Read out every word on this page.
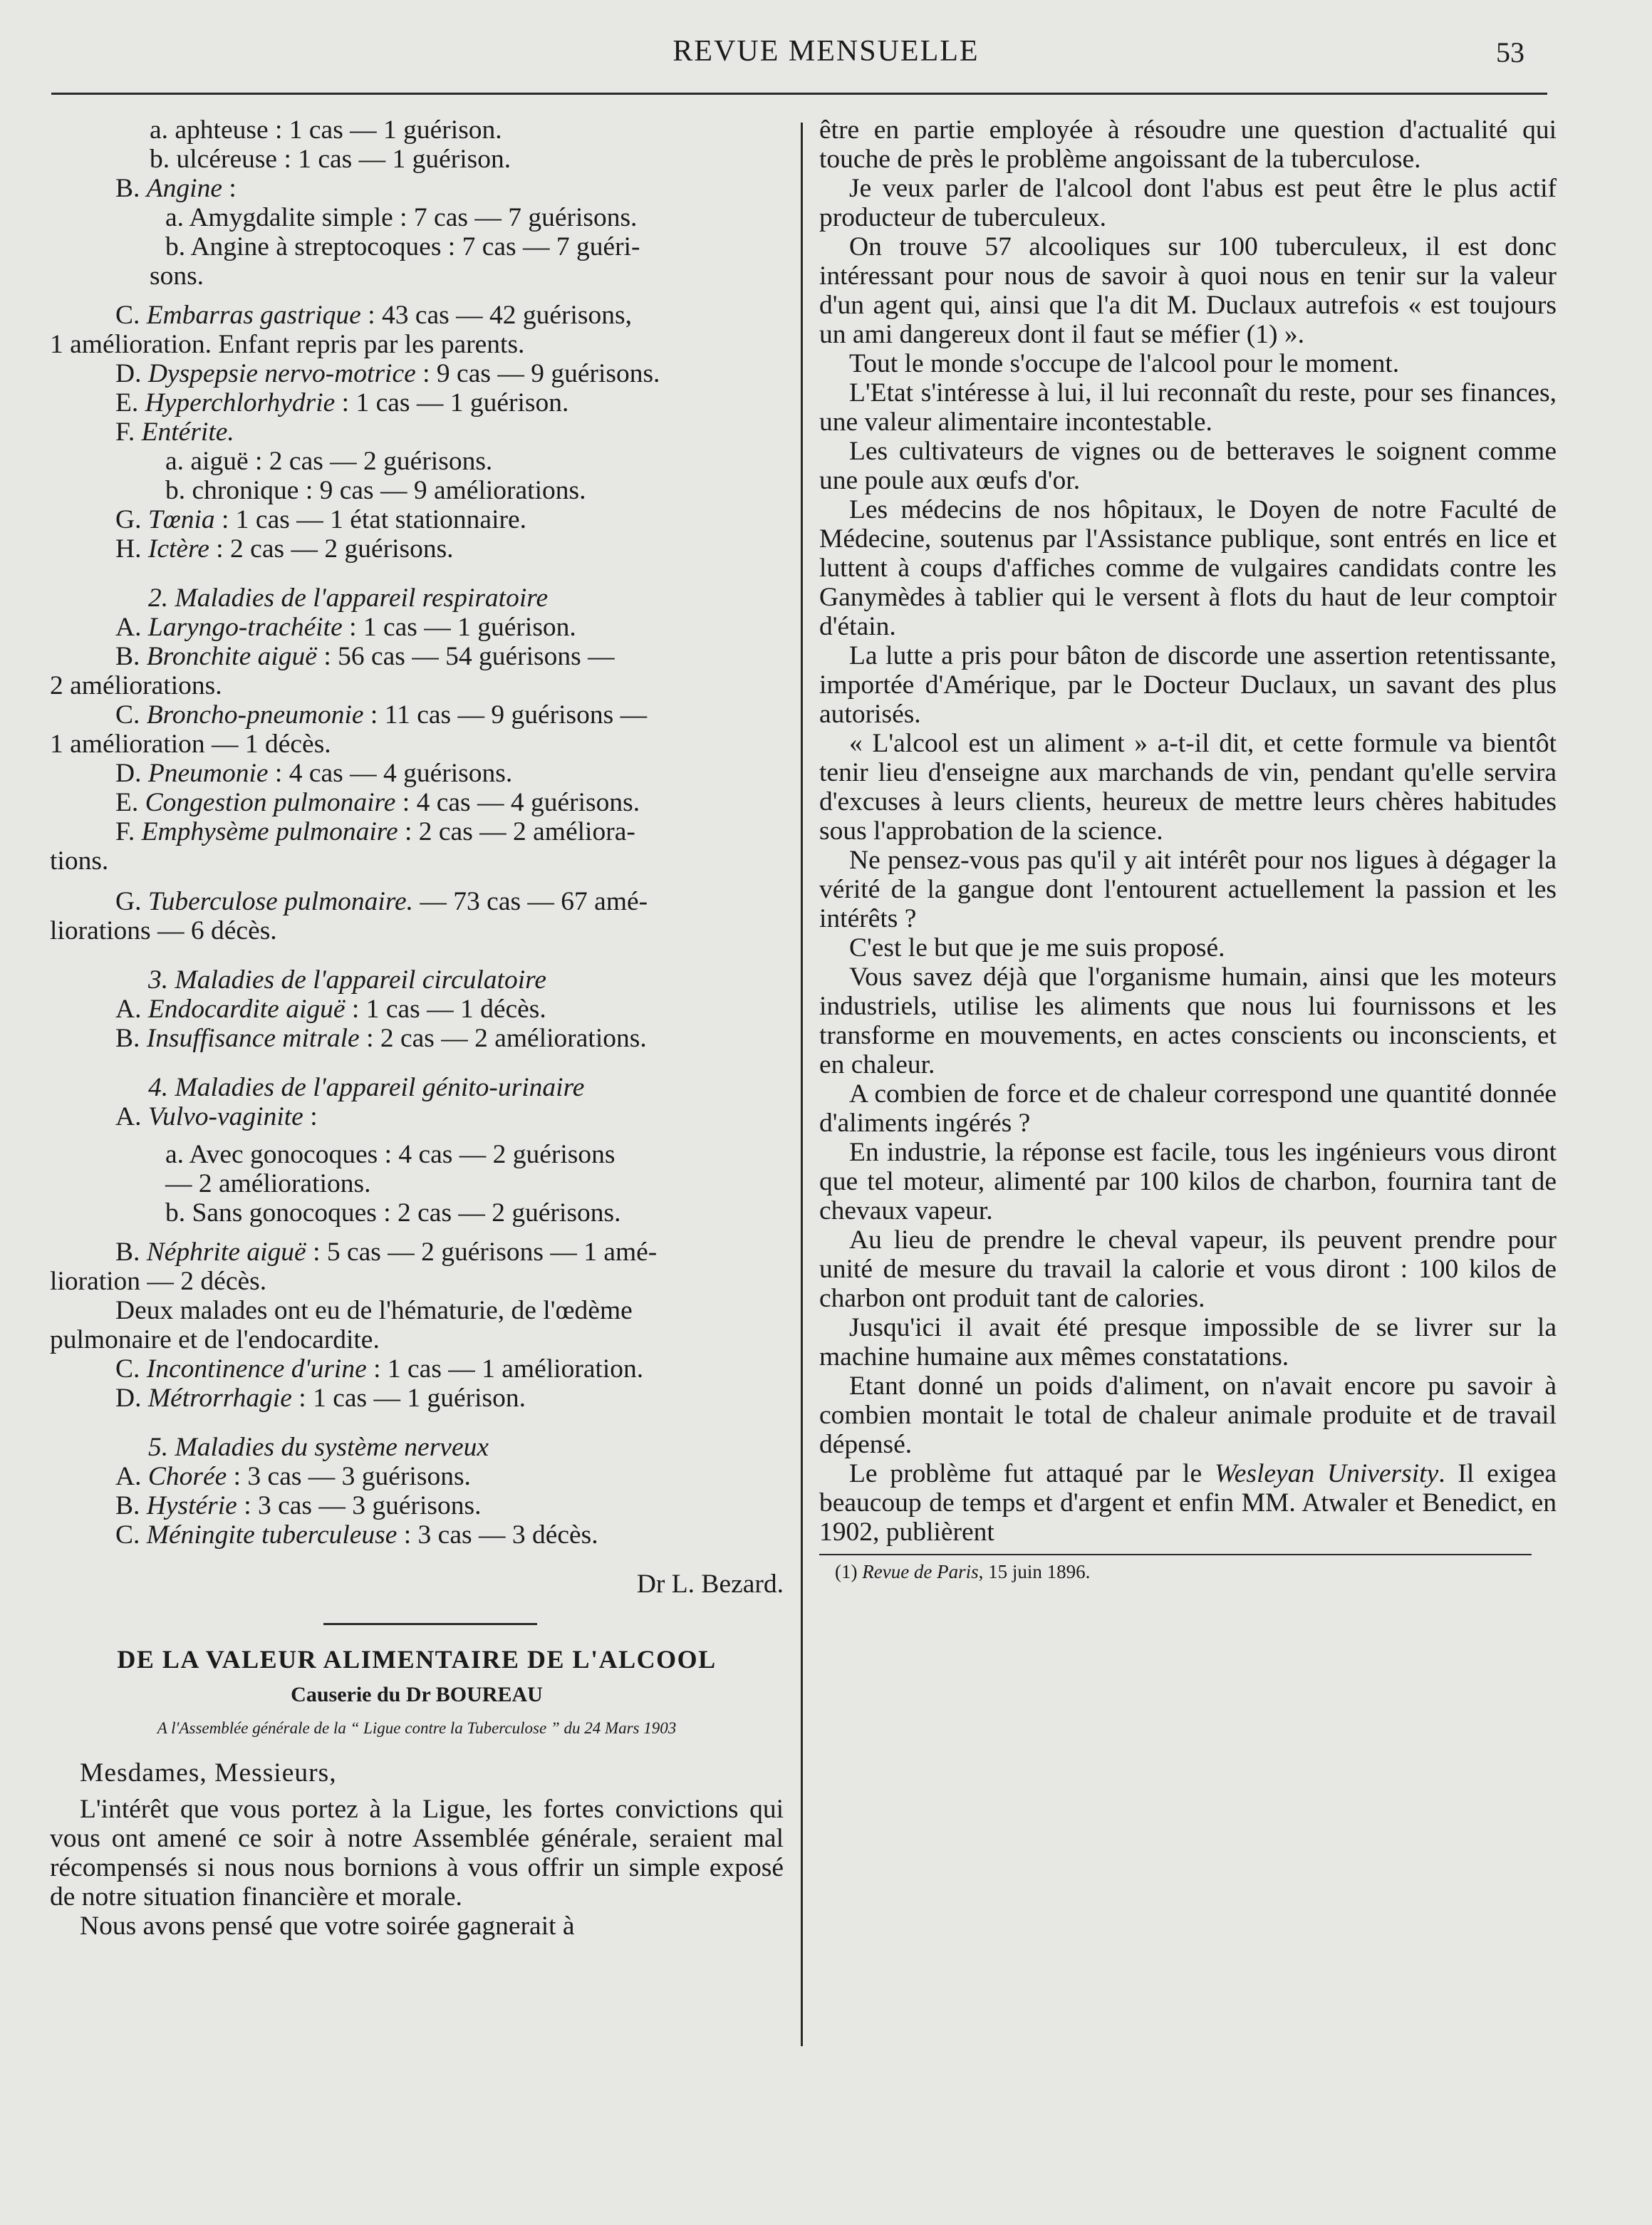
REVUE MENSUELLE	53

a. aphteuse : 1 cas — 1 guérison.

b. ulcéreuse : 1 cas — 1 guérison.

B. Angine :

a. Amygdalite simple : 7 cas — 7 guérisons.

b. Angine à streptocoques : 7 cas — 7 guéri-

sons.

C. Embarras gastrique : 43 cas — 42 guérisons,

1 amélioration. Enfant repris par les parents.

D. Dyspepsie nervo-motrice : 9 cas — 9 guérisons.

E. Hyperchlorhydrie : 1 cas — 1 guérison.

F. Entérite.

a. aiguë : 2 cas — 2 guérisons.

b. chronique : 9 cas — 9 améliorations.

G. Tœnia : 1 cas — 1 état stationnaire.

H. Ictère : 2 cas — 2 guérisons.

2. Maladies de l'appareil respiratoire

A. Laryngo-trachéite : 1 cas — 1 guérison.

B. Bronchite aiguë : 56 cas — 54 guérisons —

2 améliorations.

C. Broncho-pneumonie : 11 cas — 9 guérisons —

1 amélioration — 1 décès.

D. Pneumonie : 4 cas — 4 guérisons.

E. Congestion pulmonaire : 4 cas — 4 guérisons.

F. Emphysème pulmonaire : 2 cas — 2 améliora-

tions.

G. Tuberculose pulmonaire. — 73 cas — 67 amé-

liorations — 6 décès.

3. Maladies de l'appareil circulatoire

A. Endocardite aiguë : 1 cas — 1 décès.

B. Insuffisance mitrale : 2 cas — 2 améliorations.

4. Maladies de l'appareil génito-urinaire

A. Vulvo-vaginite :

a. Avec gonocoques : 4 cas — 2 guérisons

— 2 améliorations.

b. Sans gonocoques : 2 cas — 2 guérisons.

B. Néphrite aiguë : 5 cas — 2 guérisons — 1 amé-

lioration — 2 décès.

Deux malades ont eu de l'hématurie, de l'œdème

pulmonaire et de l'endocardite.

C. Incontinence d'urine : 1 cas — 1 amélioration.

D. Métrorrhagie : 1 cas — 1 guérison.

5. Maladies du système nerveux

A. Chorée : 3 cas — 3 guérisons.

B. Hystérie : 3 cas — 3 guérisons.

C. Méningite tuberculeuse : 3 cas — 3 décès.

Dr L. Bezard.

DE LA VALEUR ALIMENTAIRE DE L'ALCOOL

Causerie du Dr BOUREAU

A l'Assemblée générale de la “ Ligue contre la Tuberculose ” du 24 Mars 1903

Mesdames, Messieurs,

L'intérêt que vous portez à la Ligue, les fortes convictions qui vous ont amené ce soir à notre Assemblée générale, seraient mal récompensés si nous nous bornions à vous offrir un simple exposé de notre situation financière et morale.

Nous avons pensé que votre soirée gagnerait à

être en partie employée à résoudre une question d'actualité qui touche de près le problème angoissant de la tuberculose.

Je veux parler de l'alcool dont l'abus est peut être le plus actif producteur de tuberculeux.

On trouve 57 alcooliques sur 100 tuberculeux, il est donc intéressant pour nous de savoir à quoi nous en tenir sur la valeur d'un agent qui, ainsi que l'a dit M. Duclaux autrefois « est toujours un ami dangereux dont il faut se méfier (1) ».

Tout le monde s'occupe de l'alcool pour le moment.

L'Etat s'intéresse à lui, il lui reconnaît du reste, pour ses finances, une valeur alimentaire incontestable.

Les cultivateurs de vignes ou de betteraves le soignent comme une poule aux œufs d'or.

Les médecins de nos hôpitaux, le Doyen de notre Faculté de Médecine, soutenus par l'Assistance publique, sont entrés en lice et luttent à coups d'affiches comme de vulgaires candidats contre les Ganymèdes à tablier qui le versent à flots du haut de leur comptoir d'étain.

La lutte a pris pour bâton de discorde une assertion retentissante, importée d'Amérique, par le Docteur Duclaux, un savant des plus autorisés.

« L'alcool est un aliment » a-t-il dit, et cette formule va bientôt tenir lieu d'enseigne aux marchands de vin, pendant qu'elle servira d'excuses à leurs clients, heureux de mettre leurs chères habitudes sous l'approbation de la science.

Ne pensez-vous pas qu'il y ait intérêt pour nos ligues à dégager la vérité de la gangue dont l'entourent actuellement la passion et les intérêts ?

C'est le but que je me suis proposé.

Vous savez déjà que l'organisme humain, ainsi que les moteurs industriels, utilise les aliments que nous lui fournissons et les transforme en mouvements, en actes conscients ou inconscients, et en chaleur.

A combien de force et de chaleur correspond une quantité donnée d'aliments ingérés ?

En industrie, la réponse est facile, tous les ingénieurs vous diront que tel moteur, alimenté par 100 kilos de charbon, fournira tant de chevaux vapeur.

Au lieu de prendre le cheval vapeur, ils peuvent prendre pour unité de mesure du travail la calorie et vous diront : 100 kilos de charbon ont produit tant de calories.

Jusqu'ici il avait été presque impossible de se livrer sur la machine humaine aux mêmes constatations.

Etant donné un poids d'aliment, on n'avait encore pu savoir à combien montait le total de chaleur animale produite et de travail dépensé.

Le problème fut attaqué par le Wesleyan University. Il exigea beaucoup de temps et d'argent et enfin MM. Atwaler et Benedict, en 1902, publièrent

(1) Revue de Paris, 15 juin 1896.
